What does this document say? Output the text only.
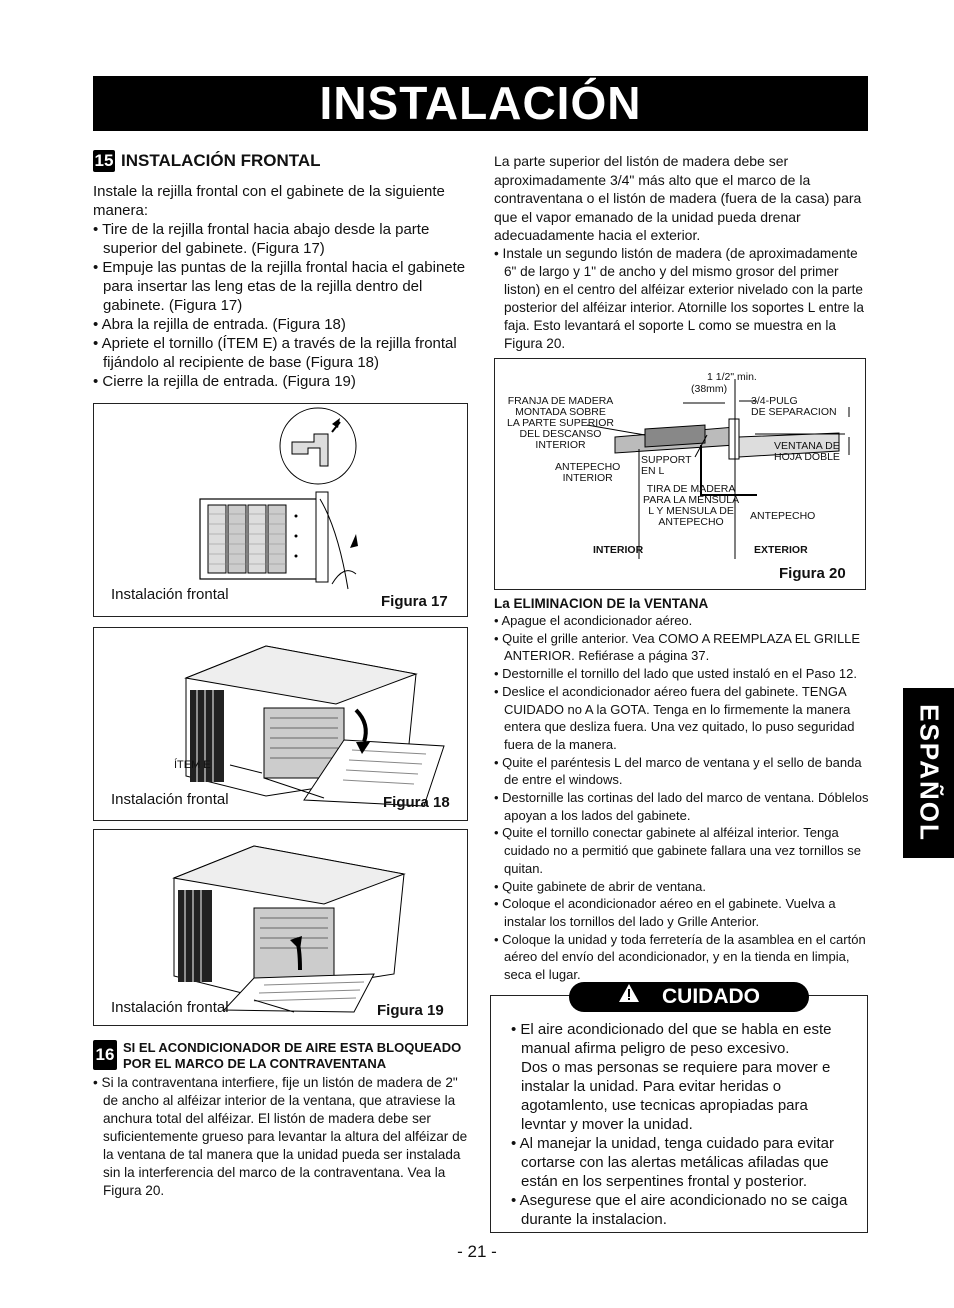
INSTALACIÓN
ESPAÑOL
15 INSTALACIÓN FRONTAL
Instale la rejilla frontal con el gabinete de la siguiente manera:
• Tire de la rejilla frontal hacia abajo desde la parte superior del gabinete. (Figura 17)
• Empuje las puntas de la rejilla frontal hacia el gabinete para insertar las leng etas de la rejilla dentro del gabinete. (Figura 17)
• Abra la rejilla de entrada. (Figura 18)
• Apriete el tornillo (ÍTEM E) a través de la rejilla frontal fijándolo al recipiente de base (Figura 18)
• Cierre la rejilla de entrada. (Figura 19)
Instalación frontal	Figura 17
ÍTEM E
Instalación frontal	Figura 18
Instalación frontal	Figura 19
16 SI EL ACONDICIONADOR DE AIRE ESTA BLOQUEADO
POR EL MARCO DE LA CONTRAVENTANA
• Si la contraventana interfiere, fije un listón de madera de 2" de ancho al alféizar interior de la ventana, que atraviese la anchura total del alféizar. El listón de madera debe ser suficientemente grueso para levantar la altura del alféizar de la ventana de tal manera que la unidad pueda ser instalada sin la interferencia del marco de la contraventana. Vea la Figura 20.
La parte superior del listón de madera debe ser aproximadamente 3/4" más alto que el marco de la contraventana o el listón de madera (fuera de la casa) para que el vapor emanado de la unidad pueda drenar adecuadamente hacia el exterior.
• Instale un segundo listón de madera (de aproximadamente 6" de largo y 1" de ancho y del mismo grosor del primer liston) en el centro del alféizar exterior nivelado con la parte posterior del alféizar interior. Atornille los soportes L entre la faja. Esto levantará el soporte L como se muestra en la Figura 20.
1 1/2" min.
(38mm)
FRANJA DE MADERA
MONTADA SOBRE
LA PARTE SUPERIOR
DEL DESCANSO
INTERIOR
3/4-PULG
DE SEPARACION
VENTANA DE
HOJA DOBLE
ANTEPECHO
INTERIOR
SUPPORT
EN L
TIRA DE MADERA
PARA LA MENSULA
L Y MENSULA DE
ANTEPECHO	ANTEPECHO
INTERIOR	EXTERIOR
Figura 20
La ELIMINACION DE la VENTANA
• Apague el acondicionador aéreo.
• Quite el grille anterior. Vea COMO A REEMPLAZA EL GRILLE ANTERIOR. Refiérase a página 37.
• Destornille el tornillo del lado que usted instaló en el Paso 12.
• Deslice el acondicionador aéreo fuera del gabinete. TENGA CUIDADO no A la GOTA. Tenga en lo firmemente la manera entera que desliza fuera. Una vez quitado, lo puso seguridad fuera de la manera.
• Quite el paréntesis L del marco de ventana y el sello de banda de entre el windows.
• Destornille las cortinas del lado del marco de ventana. Dóblelos apoyan a los lados del gabinete.
• Quite el tornillo conectar gabinete al alféizal interior. Tenga cuidado no a permitió que gabinete fallara una vez tornillos se quitan.
• Quite gabinete de abrir de ventana.
• Coloque el acondicionador aéreo en el gabinete. Vuelva a instalar los tornillos del lado y Grille Anterior.
• Coloque la unidad y toda ferretería de la asamblea en el cartón aéreo del envío del acondicionador, y en la tienda en limpia, seca el lugar.
CUIDADO
• El aire acondicionado del que se habla en este manual afirma peligro de peso excesivo.
Dos o mas personas se requiere para mover e instalar la unidad. Para evitar heridas o agotamlento, use tecnicas apropiadas para levntar y mover la unidad.
• Al manejar la unidad, tenga cuidado para evitar cortarse con las alertas metálicas afiladas que están en los serpentines frontal y posterior.
• Asegurese que el aire acondicionado no se caiga durante la instalacion.
- 21 -
